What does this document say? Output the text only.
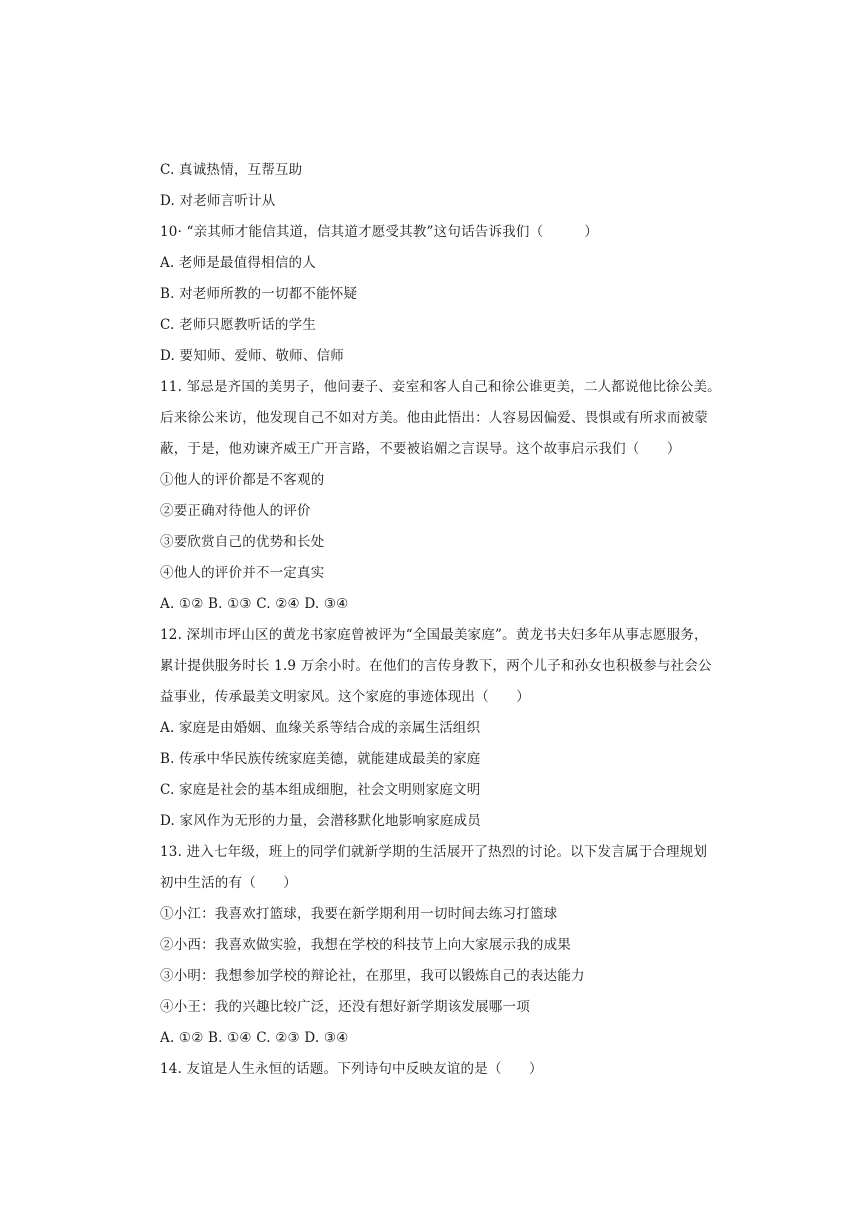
C. 真诚热情，互帮互助
D. 对老师言听计从
10· “亲其师才能信其道，信其道才愿受其教”这句话告诉我们（　　　）
A. 老师是最值得相信的人
B. 对老师所教的一切都不能怀疑
C. 老师只愿教听话的学生
D. 要知师、爱师、敬师、信师
11. 邹忌是齐国的美男子，他问妻子、妾室和客人自己和徐公谁更美，二人都说他比徐公美。
后来徐公来访，他发现自己不如对方美。他由此悟出：人容易因偏爱、畏惧或有所求而被蒙
蔽，于是，他劝谏齐威王广开言路，不要被谄媚之言误导。这个故事启示我们（　　）
①他人的评价都是不客观的
②要正确对待他人的评价
③要欣赏自己的优势和长处
④他人的评价并不一定真实
A. ①② B. ①③ C. ②④ D. ③④
12. 深圳市坪山区的黄龙书家庭曾被评为“全国最美家庭”。黄龙书夫妇多年从事志愿服务，
累计提供服务时长 1.9 万余小时。在他们的言传身教下，两个儿子和孙女也积极参与社会公
益事业，传承最美文明家风。这个家庭的事迹体现出（　　）
A. 家庭是由婚姻、血缘关系等结合成的亲属生活组织
B. 传承中华民族传统家庭美德，就能建成最美的家庭
C. 家庭是社会的基本组成细胞，社会文明则家庭文明
D. 家风作为无形的力量，会潜移默化地影响家庭成员
13. 进入七年级，班上的同学们就新学期的生活展开了热烈的讨论。以下发言属于合理规划
初中生活的有（　　）
①小江：我喜欢打篮球，我要在新学期利用一切时间去练习打篮球
②小西：我喜欢做实验，我想在学校的科技节上向大家展示我的成果
③小明：我想参加学校的辩论社，在那里，我可以锻炼自己的表达能力
④小王：我的兴趣比较广泛，还没有想好新学期该发展哪一项
A. ①② B. ①④ C. ②③ D. ③④
14. 友谊是人生永恒的话题。下列诗句中反映友谊的是（　　）
